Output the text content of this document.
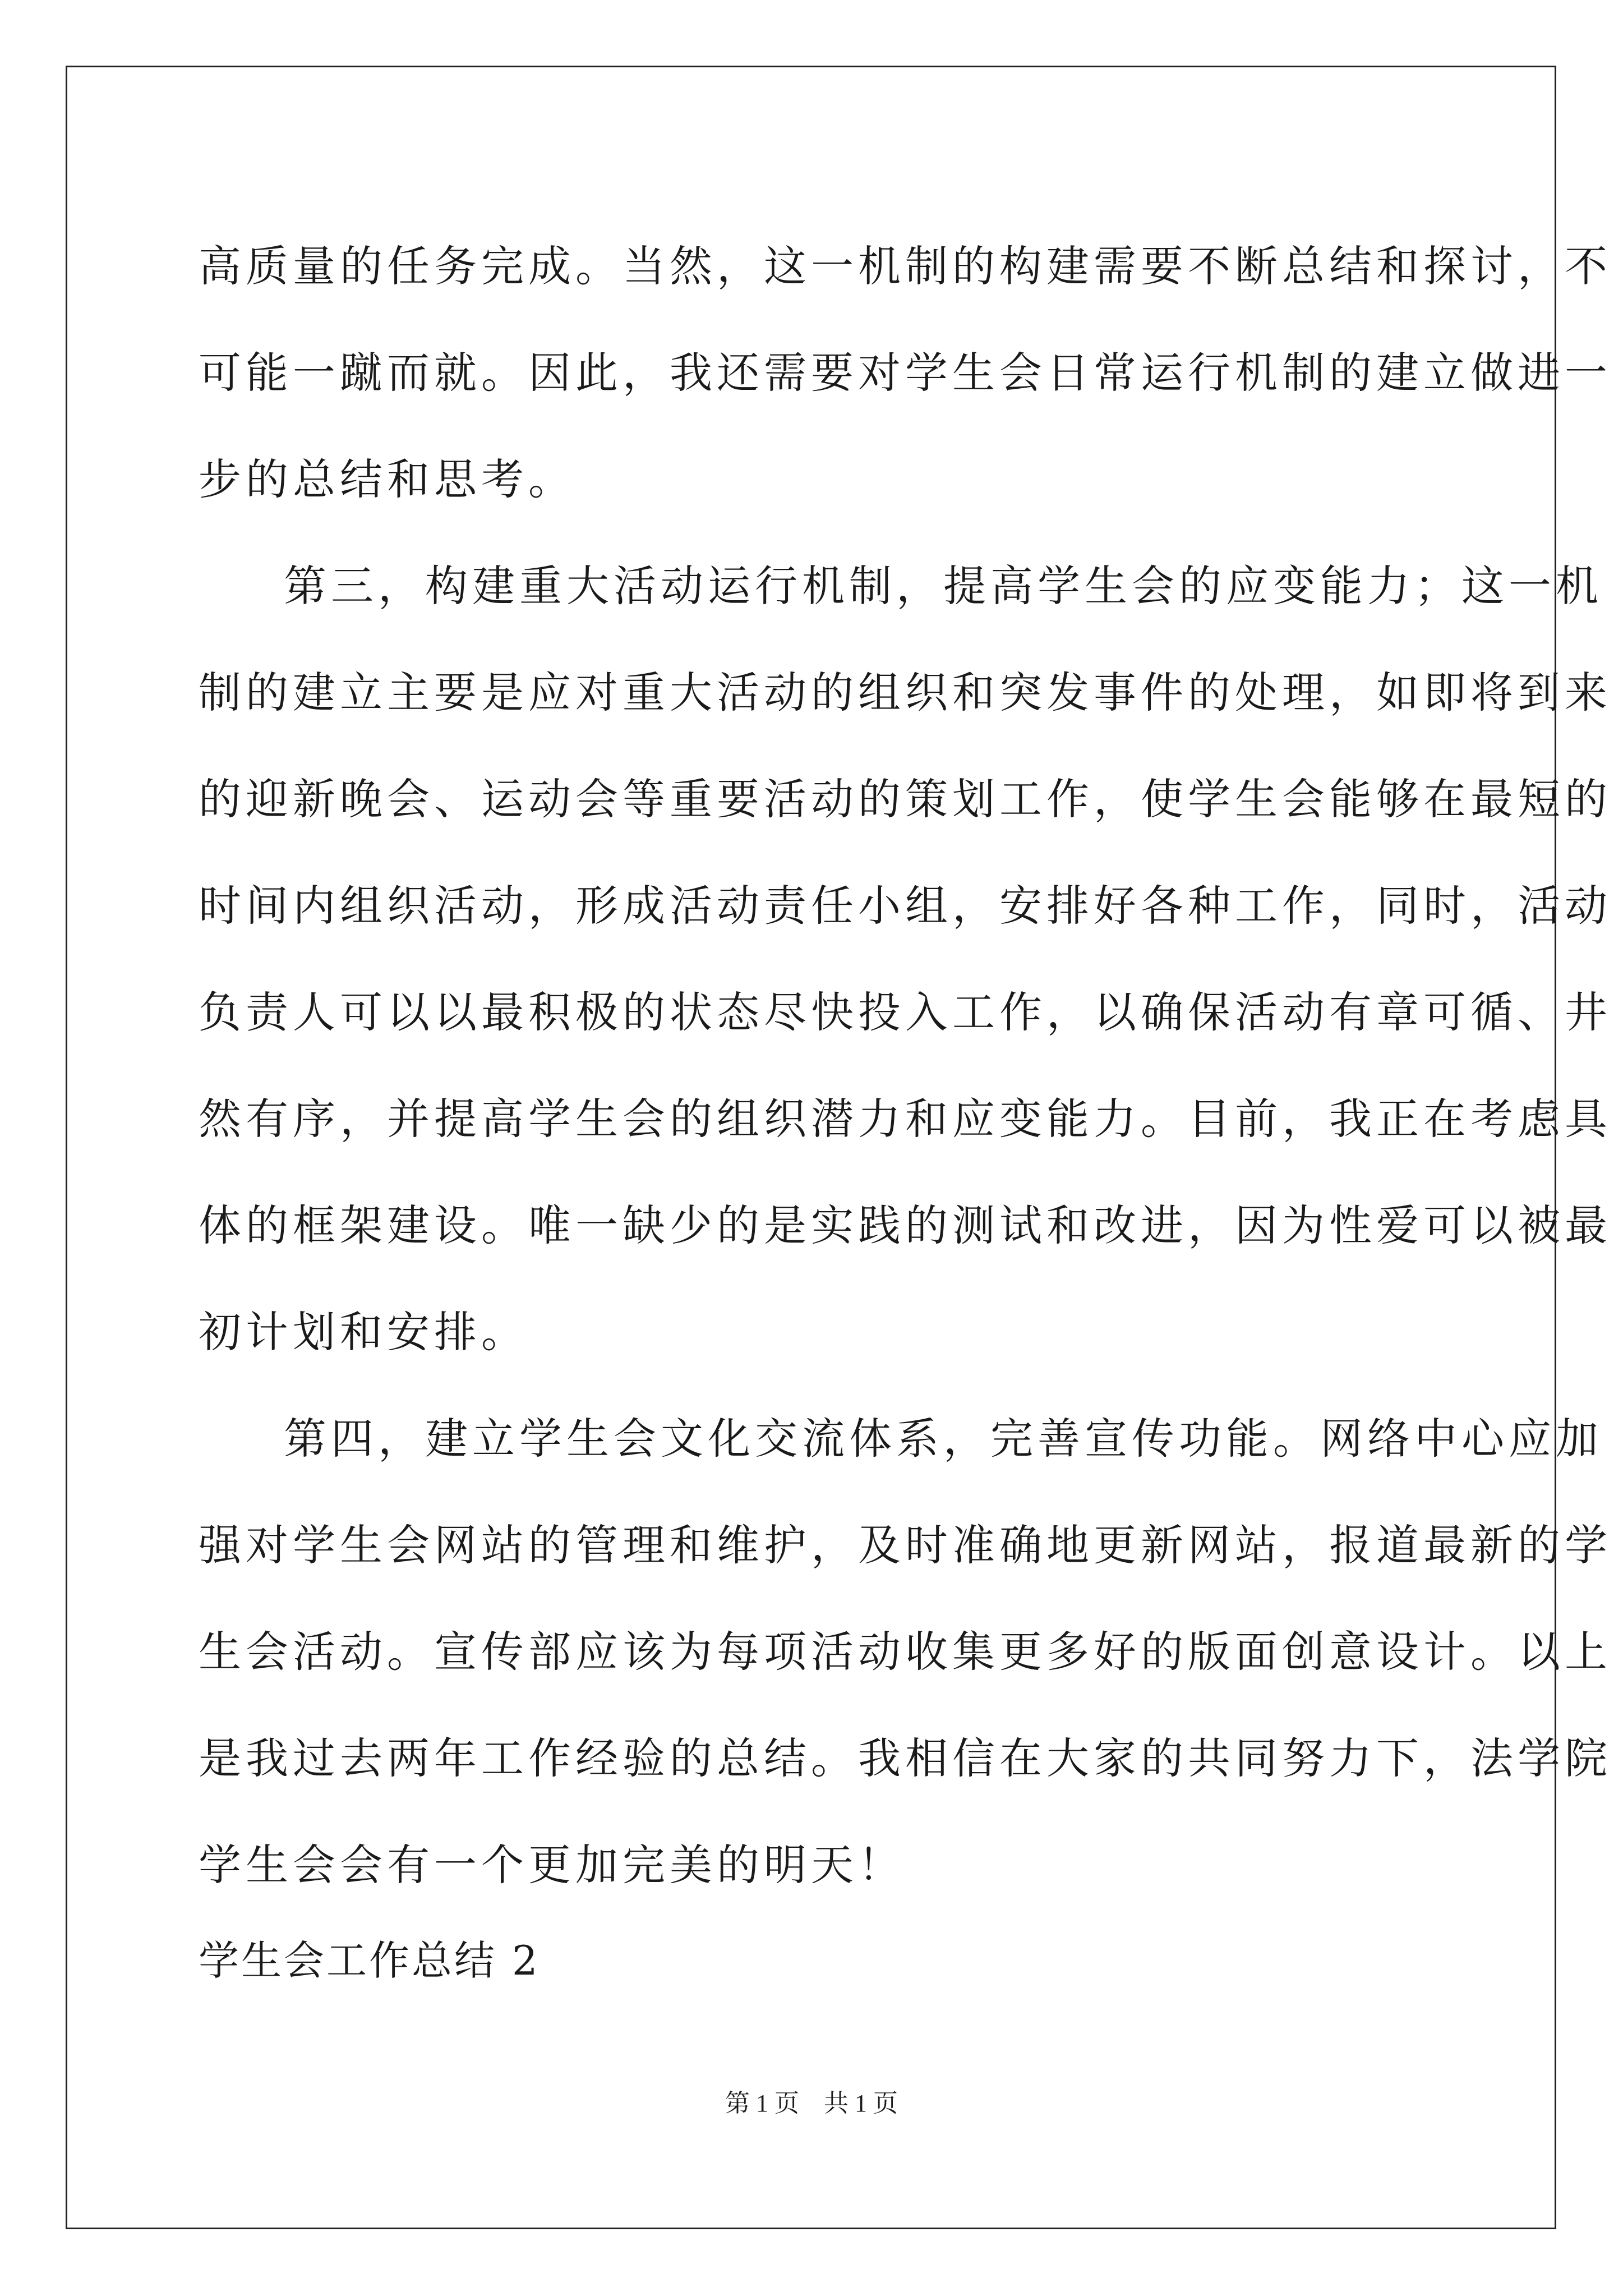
高质量的任务完成。当然，这一机制的构建需要不断总结和探讨，不
可能一蹴而就。因此，我还需要对学生会日常运行机制的建立做进一
步的总结和思考。
第三，构建重大活动运行机制，提高学生会的应变能力；这一机
制的建立主要是应对重大活动的组织和突发事件的处理，如即将到来
的迎新晚会、运动会等重要活动的策划工作，使学生会能够在最短的
时间内组织活动，形成活动责任小组，安排好各种工作，同时，活动
负责人可以以最积极的状态尽快投入工作，以确保活动有章可循、井
然有序，并提高学生会的组织潜力和应变能力。目前，我正在考虑具
体的框架建设。唯一缺少的是实践的测试和改进，因为性爱可以被最
初计划和安排。
第四，建立学生会文化交流体系，完善宣传功能。网络中心应加
强对学生会网站的管理和维护，及时准确地更新网站，报道最新的学
生会活动。宣传部应该为每项活动收集更多好的版面创意设计。以上
是我过去两年工作经验的总结。我相信在大家的共同努力下，法学院
学生会会有一个更加完美的明天！
学生会工作总结 2
第 1 页　共 1 页
